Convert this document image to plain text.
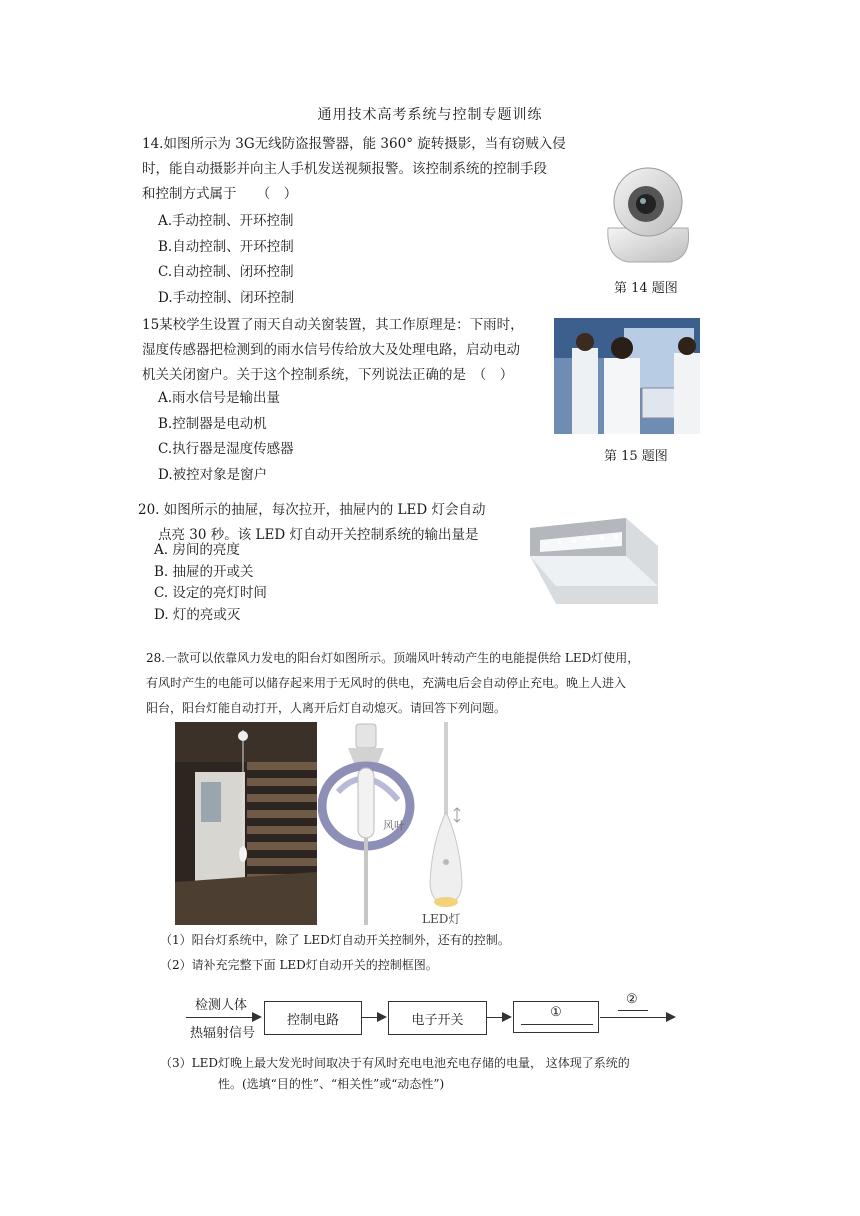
通用技术高考系统与控制专题训练
14.如图所示为 3G无线防盗报警器，能 360° 旋转摄影，当有窃贼入侵
时，能自动摄影并向主人手机发送视频报警。该控制系统的控制手段
和控制方式属于　　（　）
A.手动控制、开环控制
B.自动控制、开环控制
C.自动控制、闭环控制
D.手动控制、闭环控制
第 14 题图
15某校学生设置了雨天自动关窗装置，其工作原理是：下雨时，
湿度传感器把检测到的雨水信号传给放大及处理电路，启动电动
机关关闭窗户。关于这个控制系统，下列说法正确的是　（　）
A.雨水信号是输出量
B.控制器是电动机
C.执行器是湿度传感器
D.被控对象是窗户
第 15 题图
20. 如图所示的抽屉，每次拉开，抽屉内的 LED 灯会自动
点亮 30 秒。该 LED 灯自动开关控制系统的输出量是
A. 房间的亮度
B. 抽屉的开或关
C. 设定的亮灯时间
D. 灯的亮或灭
28.一款可以依靠风力发电的阳台灯如图所示。顶端风叶转动产生的电能提供给 LED灯使用，
有风时产生的电能可以储存起来用于无风时的供电，充满电后会自动停止充电。晚上人进入
阳台，阳台灯能自动打开，人离开后灯自动熄灭。请回答下列问题。
风叶
LED灯
（1）阳台灯系统中，除了 LED灯自动开关控制外，还有的控制。
（2）请补充完整下面 LED灯自动开关的控制框图。
检测人体
热辐射信号
控制电路	电子开关	①
②
（3）LED灯晚上最大发光时间取决于有风时充电电池充电存储的电量， 这体现了系统的
性。(选填“目的性”、“相关性”或“动态性”)
